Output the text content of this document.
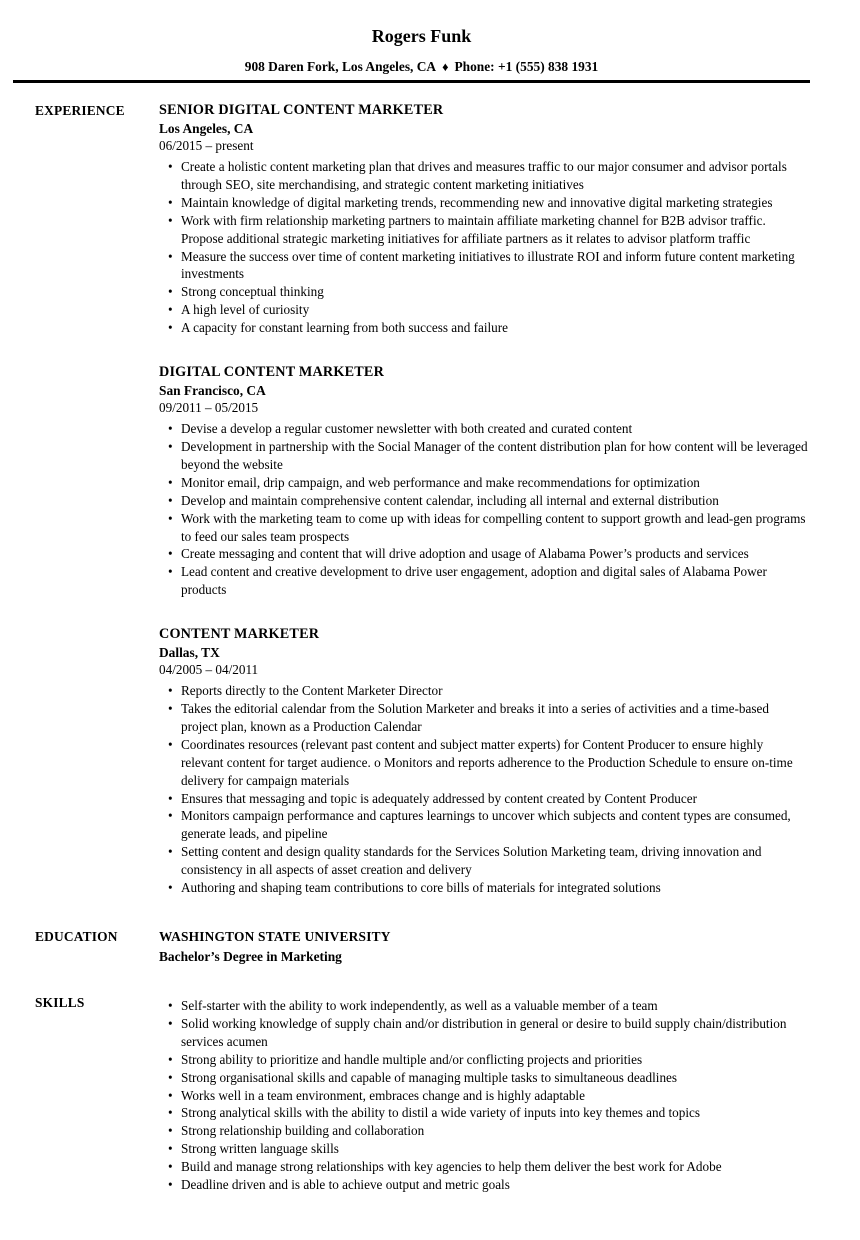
Rogers Funk
908 Daren Fork, Los Angeles, CA ♦ Phone: +1 (555) 838 1931
EXPERIENCE	SENIOR DIGITAL CONTENT MARKETER
Los Angeles, CA
06/2015 – present
• Create a holistic content marketing plan that drives and measures traffic to our major consumer and advisor portals through SEO, site merchandising, and strategic content marketing initiatives
• Maintain knowledge of digital marketing trends, recommending new and innovative digital marketing strategies
• Work with firm relationship marketing partners to maintain affiliate marketing channel for B2B advisor traffic. Propose additional strategic marketing initiatives for affiliate partners as it relates to advisor platform traffic
• Measure the success over time of content marketing initiatives to illustrate ROI and inform future content marketing investments
• Strong conceptual thinking
• A high level of curiosity
• A capacity for constant learning from both success and failure
DIGITAL CONTENT MARKETER
San Francisco, CA
09/2011 – 05/2015
• Devise a develop a regular customer newsletter with both created and curated content
• Development in partnership with the Social Manager of the content distribution plan for how content will be leveraged beyond the website
• Monitor email, drip campaign, and web performance and make recommendations for optimization
• Develop and maintain comprehensive content calendar, including all internal and external distribution
• Work with the marketing team to come up with ideas for compelling content to support growth and lead-gen programs to feed our sales team prospects
• Create messaging and content that will drive adoption and usage of Alabama Power’s products and services
• Lead content and creative development to drive user engagement, adoption and digital sales of Alabama Power products
CONTENT MARKETER
Dallas, TX
04/2005 – 04/2011
• Reports directly to the Content Marketer Director
• Takes the editorial calendar from the Solution Marketer and breaks it into a series of activities and a time-based project plan, known as a Production Calendar
• Coordinates resources (relevant past content and subject matter experts) for Content Producer to ensure highly relevant content for target audience. o Monitors and reports adherence to the Production Schedule to ensure on-time delivery for campaign materials
• Ensures that messaging and topic is adequately addressed by content created by Content Producer
• Monitors campaign performance and captures learnings to uncover which subjects and content types are consumed, generate leads, and pipeline
• Setting content and design quality standards for the Services Solution Marketing team, driving innovation and consistency in all aspects of asset creation and delivery
• Authoring and shaping team contributions to core bills of materials for integrated solutions
EDUCATION	WASHINGTON STATE UNIVERSITY
Bachelor’s Degree in Marketing
SKILLS	• Self-starter with the ability to work independently, as well as a valuable member of a team
• Solid working knowledge of supply chain and/or distribution in general or desire to build supply chain/distribution services acumen
• Strong ability to prioritize and handle multiple and/or conflicting projects and priorities
• Strong organisational skills and capable of managing multiple tasks to simultaneous deadlines
• Works well in a team environment, embraces change and is highly adaptable
• Strong analytical skills with the ability to distil a wide variety of inputs into key themes and topics
• Strong relationship building and collaboration
• Strong written language skills
• Build and manage strong relationships with key agencies to help them deliver the best work for Adobe
• Deadline driven and is able to achieve output and metric goals
